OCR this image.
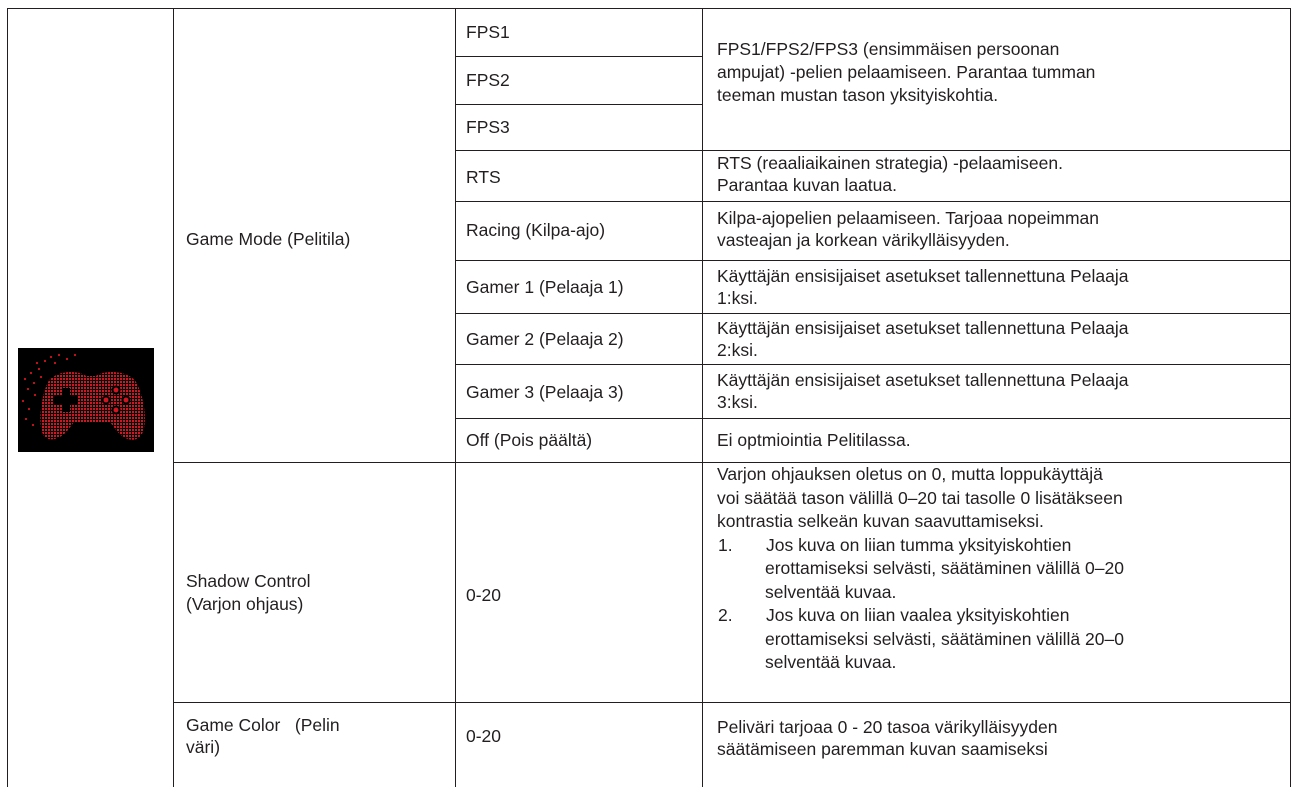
Game Mode (Pelitila)
FPS1
FPS2
FPS3
RTS
Racing (Kilpa-ajo)
Gamer 1 (Pelaaja 1)
Gamer 2 (Pelaaja 2)
Gamer 3 (Pelaaja 3)
Off (Pois päältä)
FPS1/FPS2/FPS3 (ensimmäisen persoonan
ampujat) -pelien pelaamiseen. Parantaa tumman
teeman mustan tason yksityiskohtia.
RTS (reaaliaikainen strategia) -pelaamiseen.
Parantaa kuvan laatua.
Kilpa-ajopelien pelaamiseen. Tarjoaa nopeimman
vasteajan ja korkean värikylläisyyden.
Käyttäjän ensisijaiset asetukset tallennettuna Pelaaja
1:ksi.
Käyttäjän ensisijaiset asetukset tallennettuna Pelaaja
2:ksi.
Käyttäjän ensisijaiset asetukset tallennettuna Pelaaja
3:ksi.
Ei optmiointia Pelitilassa.
Shadow Control
(Varjon ohjaus)	0-20
Varjon ohjauksen oletus on 0, mutta loppukäyttäjä
voi säätää tason välillä 0–20 tai tasolle 0 lisätäkseen
kontrastia selkeän kuvan saavuttamiseksi.
1. Jos kuva on liian tumma yksityiskohtien
erottamiseksi selvästi, säätäminen välillä 0–20
selventää kuvaa.
2. Jos kuva on liian vaalea yksityiskohtien
erottamiseksi selvästi, säätäminen välillä 20–0
selventää kuvaa.
Game Color   (Pelin
väri)
0-20	Peliväri tarjoaa 0 - 20 tasoa värikylläisyyden
säätämiseen paremman kuvan saamiseksi
